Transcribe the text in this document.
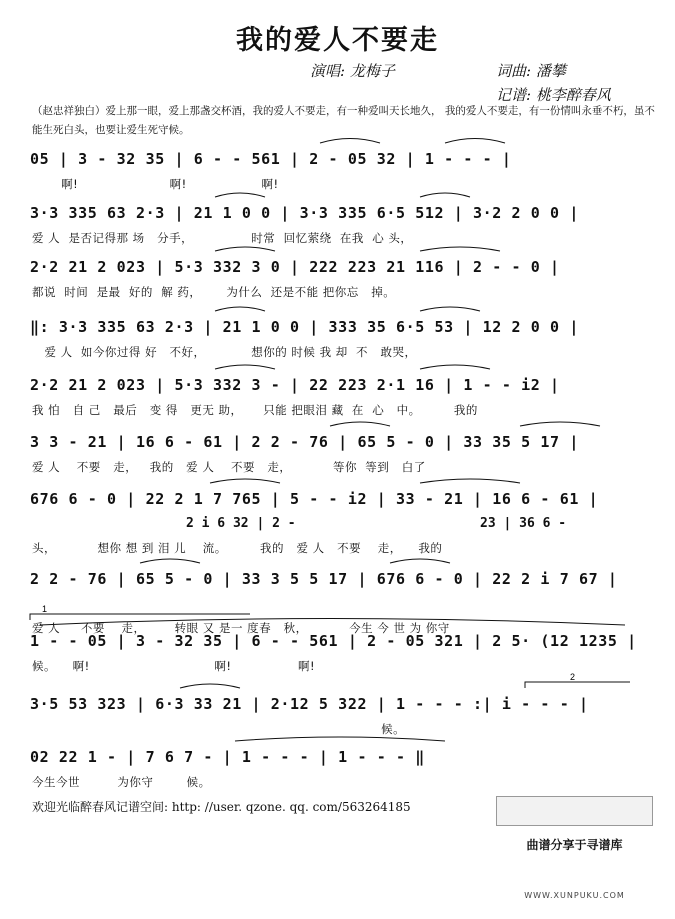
我的爱人不要走
演唱: 龙梅子	词曲: 潘攀
记谱: 桃李醉春风
（赵忠祥独白）爱上那一眼，爱上那盏交杯酒，我的爱人不要走，有一种爱叫天长地久， 我的爱人不要走，有一份情叫永垂不朽，虽不能生死白头，也要让爱生死守候。
05 | 3 - 32 35 | 6 - - 561 | 2 - 05 32 | 1 - - - |
啊!                      啊!                  啊!
3·3 335 63 2·3 | 21 1 0 0 | 3·3 335 6·5 512 | 3·2 2 0 0 |
爱 人  是否记得那 场   分手，              时常  回忆萦绕  在我  心 头，
2·2 21 2 023 | 5·3 332 3 0 | 222 223 21 116 | 2 - - 0 |
都说  时间  是最  好的  解 药，      为什么  还是不能 把你忘   掉。
‖: 3·3 335 63 2·3 | 21 1 0 0 | 333 35 6·5 53 | 12 2 0 0 |
爱 人  如今你过得 好   不好，           想你的 时候 我 却  不   敢哭，
2·2 21 2 023 | 5·3 332 3 - | 22 223 2·1 16 | 1 - - i2 |
我 怕   自 己   最后   变 得   更无 助，     只能 把眼泪 藏  在  心   中。        我的
3 3 - 21 | 16 6 - 61 | 2 2 - 76 | 65 5 - 0 | 33 35 5 17 |
爱 人    不要   走，   我的   爱 人    不要   走，          等你  等到   白了
676 6 - 0 | 22 2 1 7 765 | 5 - - i2 | 33 - 21 | 16 6 - 61 |
头，          想你 想 到 泪 儿    流。        我的   爱 人   不要    走，    我的
2 2 - 76 | 65 5 - 0 | 33 3 5 5 17 | 676 6 - 0 | 22 2 i 7 67 |
爱 人     不要    走，       转眼 又 是一 度春   秋，          今生 今 世 为 你守
1 - - 05 | 3 - 32 35 | 6 - - 561 | 2 - 05 321 | 2 5· (12 1235 |
候。    啊!                              啊!                啊!
3·5 53 323 | 6·3 33 21 | 2·12 5 322 | 1 - - - :| i - - - |
候。
02 22 1 - | 7 6 7 - | 1 - - - | 1 - - - ‖
今生今世         为你守        候。
2 i 6 32 | 2 -	23 | 36 6 -
1
2
欢迎光临醉春风记谱空间: http: //user. qzone. qq. com/563264185

曲谱分享于寻谱库

WWW.XUNPUKU.COM
